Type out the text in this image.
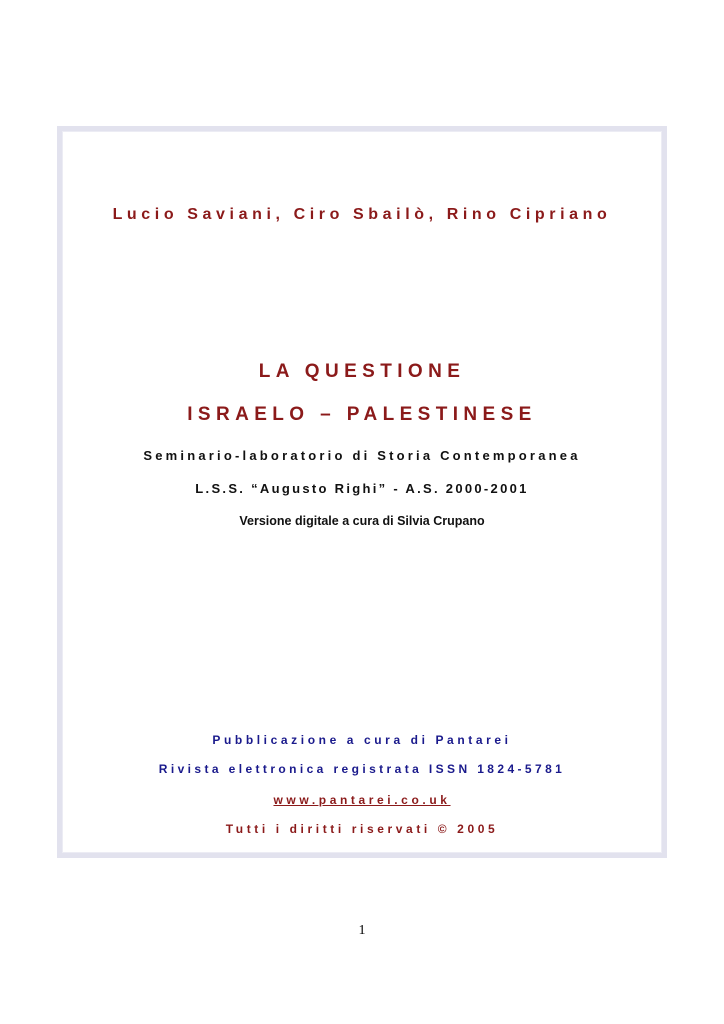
Lucio Saviani, Ciro Sbailò, Rino Cipriano
LA QUESTIONE
ISRAELO – PALESTINESE
Seminario-laboratorio di Storia Contemporanea
L.S.S. “Augusto Righi” - A.S. 2000-2001
Versione digitale a cura di Silvia Crupano
Pubblicazione a cura di Pantarei
Rivista elettronica registrata ISSN 1824-5781
www.pantarei.co.uk
Tutti i diritti riservati © 2005
1
